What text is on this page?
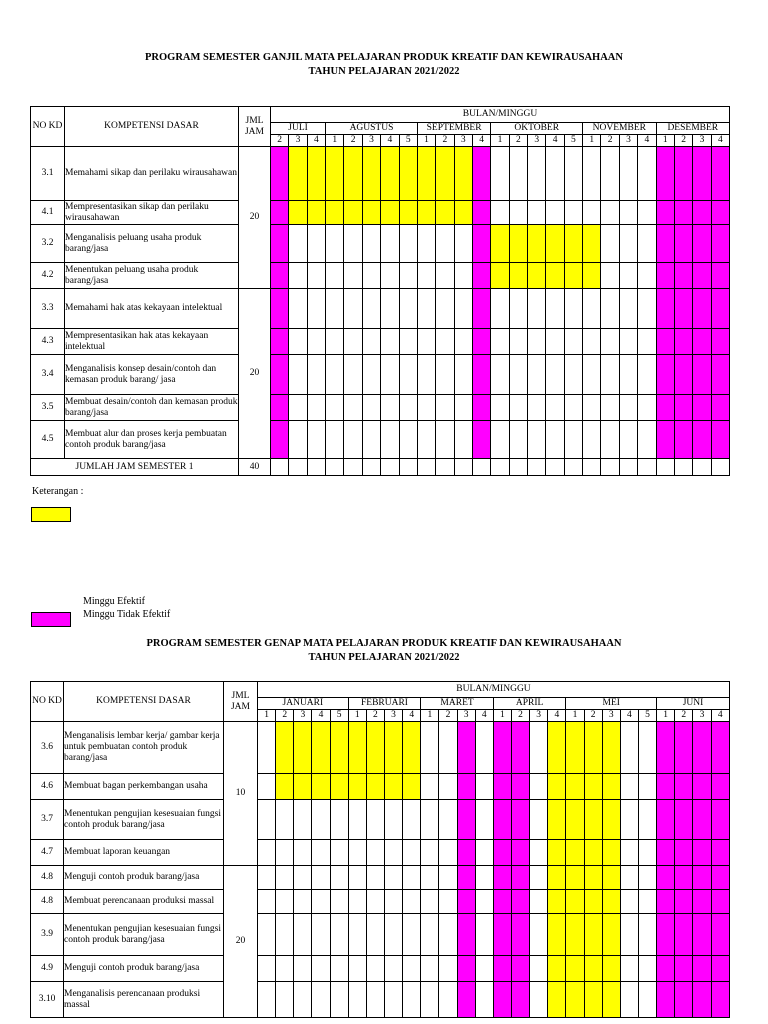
PROGRAM SEMESTER GANJIL MATA PELAJARAN PRODUK KREATIF DAN KEWIRAUSAHAAN
TAHUN PELAJARAN 2021/2022
NO KD	KOMPETENSI DASAR	JML JAM	BULAN/MINGGU																								
			JULI			AGUSTUS					SEPTEMBER				OKTOBER					NOVEMBER				DESEMBER			
			2	3	4	1	2	3	4	5	1	2	3	4	1	2	3	4	5	1	2	3	4	1	2	3	4
3.1	Memahami sikap dan perilaku wirausahawan	20																									
4.1	Mempresentasikan sikap dan perilaku wirausahawan																										
3.2	Menganalisis peluang usaha produk barang/jasa																										
4.2	Menentukan peluang usaha produk barang/jasa																										
3.3	Memahami hak atas kekayaan intelektual	20																									
4.3	Mempresentasikan hak atas kekayaan intelektual																										
3.4	Menganalisis konsep desain/contoh dan kemasan produk barang/ jasa																										
3.5	Membuat desain/contoh dan kemasan produk barang/jasa																										
4.5	Membuat alur dan proses kerja pembuatan contoh produk barang/jasa																										
JUMLAH JAM SEMESTER 1		40																									
Keterangan :
Minggu Efektif
Minggu Tidak Efektif
PROGRAM SEMESTER GENAP MATA PELAJARAN PRODUK KREATIF DAN KEWIRAUSAHAAN
TAHUN PELAJARAN 2021/2022
NO KD	KOMPETENSI DASAR	JML JAM	BULAN/MINGGU																									
			JANUARI					FEBRUARI				MARET				APRIL				MEI					JUNI			
			1	2	3	4	5	1	2	3	4	1	2	3	4	1	2	3	4	1	2	3	4	5	1	2	3	4
3.6	Menganalisis lembar kerja/ gambar kerja untuk pembuatan contoh produk barang/jasa	10																										
4.6	Membuat bagan perkembangan usaha																											
3.7	Menentukan pengujian kesesuaian fungsi contoh produk barang/jasa																											
4.7	Membuat laporan keuangan																											
4.8	Menguji contoh produk barang/jasa	20																										
4.8	Membuat perencanaan produksi massal																											
3.9	Menentukan pengujian kesesuaian fungsi contoh produk barang/jasa																											
4.9	Menguji contoh produk barang/jasa																											
3.10	Menganalisis perencanaan produksi massal																											
